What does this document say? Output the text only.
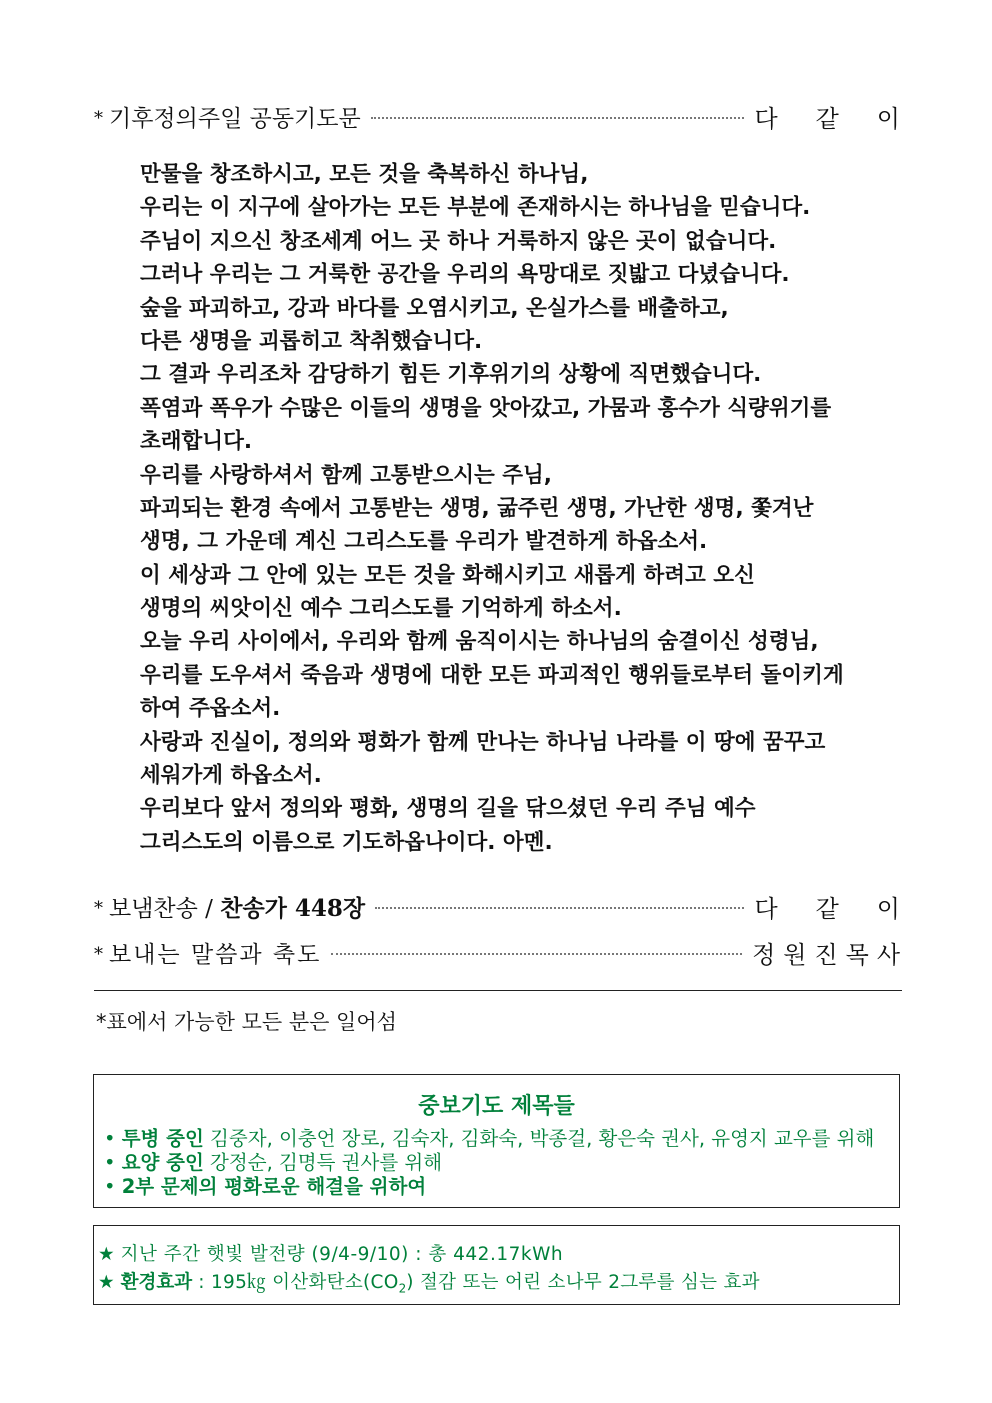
* 기후정의주일 공동기도문	다같이
만물을 창조하시고, 모든 것을 축복하신 하나님,
우리는 이 지구에 살아가는 모든 부분에 존재하시는 하나님을 믿습니다.
주님이 지으신 창조세계 어느 곳 하나 거룩하지 않은 곳이 없습니다.
그러나 우리는 그 거룩한 공간을 우리의 욕망대로 짓밟고 다녔습니다.
숲을 파괴하고, 강과 바다를 오염시키고, 온실가스를 배출하고,
다른 생명을 괴롭히고 착취했습니다.
그 결과 우리조차 감당하기 힘든 기후위기의 상황에 직면했습니다.
폭염과 폭우가 수많은 이들의 생명을 앗아갔고, 가뭄과 홍수가 식량위기를
초래합니다.
우리를 사랑하셔서 함께 고통받으시는 주님,
파괴되는 환경 속에서 고통받는 생명, 굶주린 생명, 가난한 생명, 쫓겨난
생명, 그 가운데 계신 그리스도를 우리가 발견하게 하옵소서.
이 세상과 그 안에 있는 모든 것을 화해시키고 새롭게 하려고 오신
생명의 씨앗이신 예수 그리스도를 기억하게 하소서.
오늘 우리 사이에서, 우리와 함께 움직이시는 하나님의 숨결이신 성령님,
우리를 도우셔서 죽음과 생명에 대한 모든 파괴적인 행위들로부터 돌이키게
하여 주옵소서.
사랑과 진실이, 정의와 평화가 함께 만나는 하나님 나라를 이 땅에 꿈꾸고
세워가게 하옵소서.
우리보다 앞서 정의와 평화, 생명의 길을 닦으셨던 우리 주님 예수
그리스도의 이름으로 기도하옵나이다. 아멘.
* 보냄찬송 / 찬송가 448장	다같이
* 보내는 말씀과 축도	정원진목사
*표에서 가능한 모든 분은 일어섬
중보기도 제목들
• 투병 중인 김중자, 이충언 장로, 김숙자, 김화숙, 박종걸, 황은숙 권사, 유영지 교우를 위해
• 요양 중인 강정순, 김명득 권사를 위해
• 2부 문제의 평화로운 해결을 위하여
★ 지난 주간 햇빛 발전량 (9/4-9/10) : 총 442.17kWh
★ 환경효과 : 195㎏ 이산화탄소$(CO_2)$ 절감 또는 어린 소나무 2그루를 심는 효과
